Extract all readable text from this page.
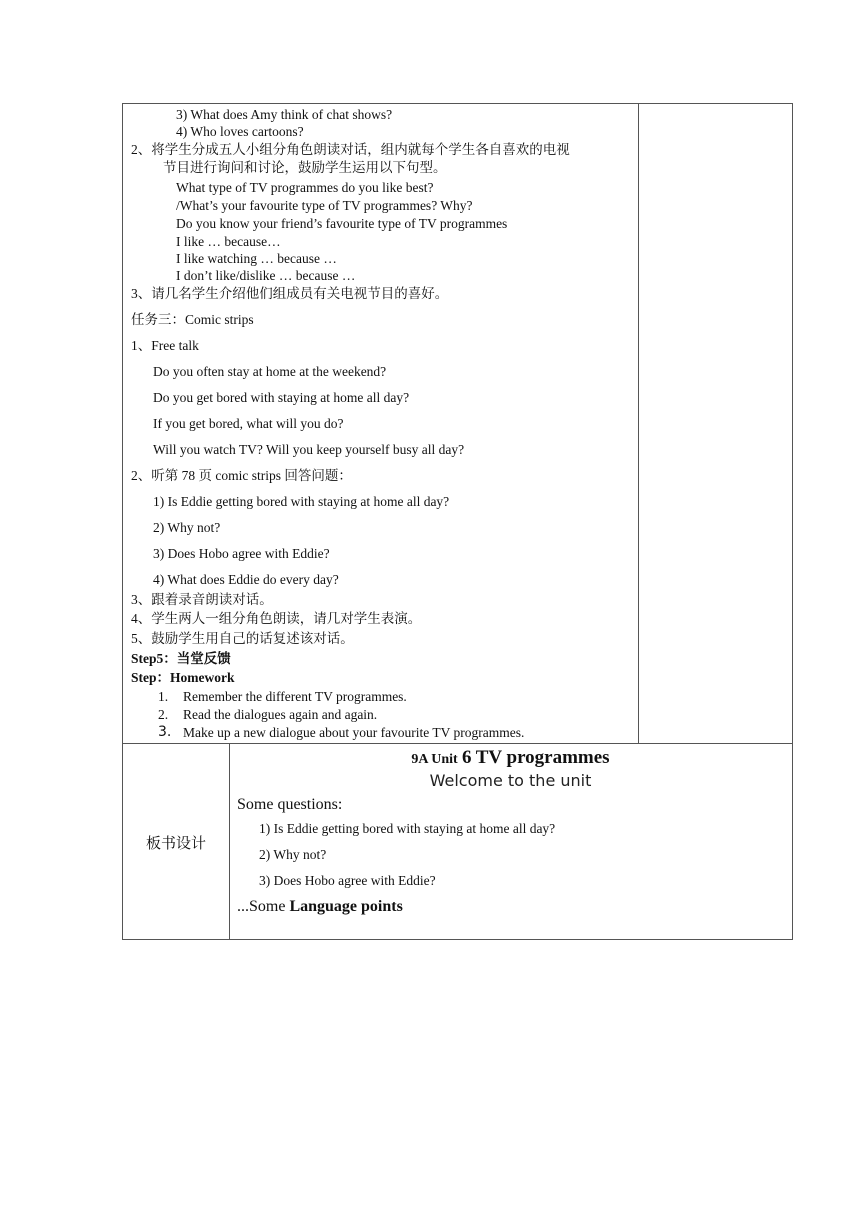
3) What does Amy think of chat shows?
4) Who loves cartoons?
2、将学生分成五人小组分角色朗读对话，组内就每个学生各自喜欢的电视
节目进行询问和讨论，鼓励学生运用以下句型。
What type of TV programmes do you like best?
/What’s your favourite type of TV programmes? Why?
Do you know your friend’s favourite type of TV programmes
I like … because…
I like watching … because …
I don’t like/dislike … because …
3、请几名学生介绍他们组成员有关电视节目的喜好。
任务三：Comic strips
1、Free talk
Do you often stay at home at the weekend?
Do you get bored with staying at home all day?
If you get bored, what will you do?
Will you watch TV? Will you keep yourself busy all day?
2、听第 78 页 comic strips 回答问题：
1) Is Eddie getting bored with staying at home all day?
2) Why not?
3) Does Hobo agree with Eddie?
4) What does Eddie do every day?
3、跟着录音朗读对话。
4、学生两人一组分角色朗读，请几对学生表演。
5、鼓励学生用自己的话复述该对话。
Step5：当堂反馈
Step：Homework
1. Remember the different TV programmes.
2. Read the dialogues again and again.
3. Make up a new dialogue about your favourite TV programmes.
板书设计
9A Unit 6 TV programmes
Welcome to the unit
Some questions:
1) Is Eddie getting bored with staying at home all day?
2) Why not?
3) Does Hobo agree with Eddie?
...Some Language points
